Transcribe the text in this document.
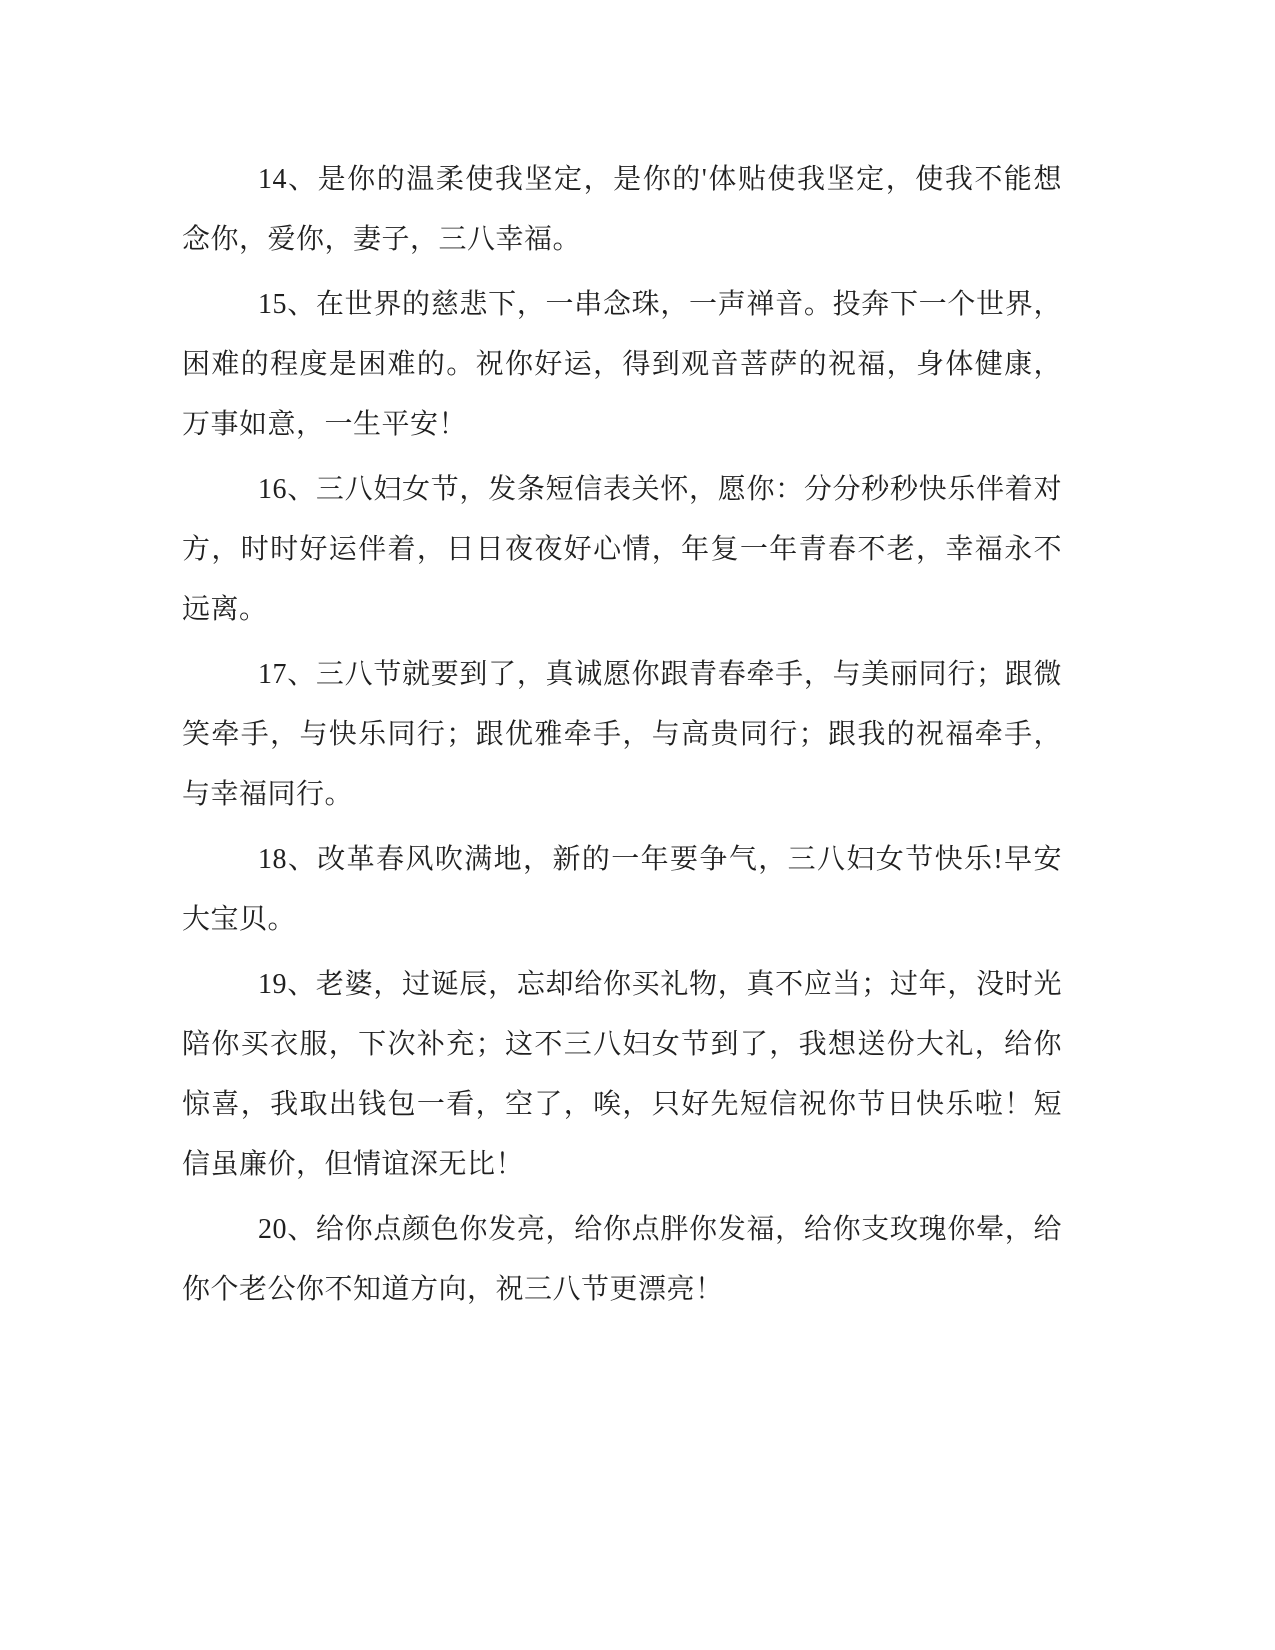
14、是你的温柔使我坚定，是你的'体贴使我坚定，使我不能想念你，爱你，妻子，三八幸福。

15、在世界的慈悲下，一串念珠，一声禅音。投奔下一个世界，困难的程度是困难的。祝你好运，得到观音菩萨的祝福，身体健康，万事如意，一生平安！

16、三八妇女节，发条短信表关怀，愿你：分分秒秒快乐伴着对方，时时好运伴着，日日夜夜好心情，年复一年青春不老，幸福永不远离。

17、三八节就要到了，真诚愿你跟青春牵手，与美丽同行；跟微笑牵手，与快乐同行；跟优雅牵手，与高贵同行；跟我的祝福牵手，与幸福同行。

18、改革春风吹满地，新的一年要争气，三八妇女节快乐!早安大宝贝。

19、老婆，过诞辰，忘却给你买礼物，真不应当；过年，没时光陪你买衣服，下次补充；这不三八妇女节到了，我想送份大礼，给你惊喜，我取出钱包一看，空了，唉，只好先短信祝你节日快乐啦！短信虽廉价，但情谊深无比！

20、给你点颜色你发亮，给你点胖你发福，给你支玫瑰你晕，给你个老公你不知道方向，祝三八节更漂亮！
